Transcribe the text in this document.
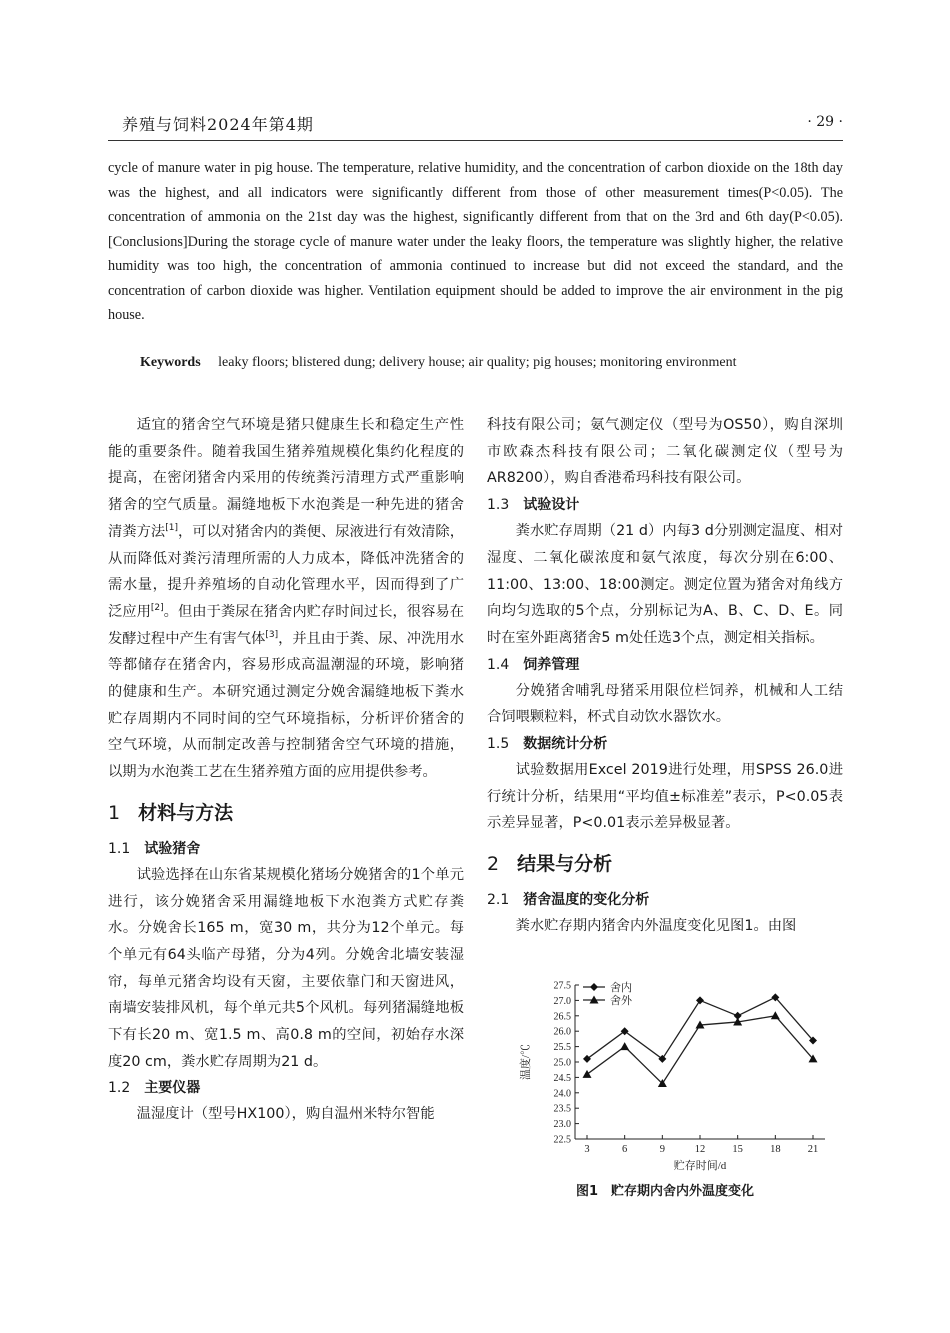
养殖与饲料2024年第4期	· 29 ·
cycle of manure water in pig house. The temperature, relative humidity, and the concentration of carbon dioxide on the 18th day was the highest, and all indicators were significantly different from those of other measurement times(P<0.05). The concentration of ammonia on the 21st day was the highest, significantly different from that on the 3rd and 6th day(P<0.05).[Conclusions]During the storage cycle of manure water under the leaky floors, the temperature was slightly higher, the relative humidity was too high, the concentration of ammonia continued to increase but did not exceed the standard, and the concentration of carbon dioxide was higher. Ventilation equipment should be added to improve the air environment in the pig house.
Keywords leaky floors; blistered dung; delivery house; air quality; pig houses; monitoring environment

适宜的猪舍空气环境是猪只健康生长和稳定生产性能的重要条件。随着我国生猪养殖规模化集约化程度的提高，在密闭猪舍内采用的传统粪污清理方式严重影响猪舍的空气质量。漏缝地板下水泡粪是一种先进的猪舍清粪方法[1]，可以对猪舍内的粪便、尿液进行有效清除，从而降低对粪污清理所需的人力成本，降低冲洗猪舍的需水量，提升养殖场的自动化管理水平，因而得到了广泛应用[2]。但由于粪尿在猪舍内贮存时间过长，很容易在发酵过程中产生有害气体[3]，并且由于粪、尿、冲洗用水等都储存在猪舍内，容易形成高温潮湿的环境，影响猪的健康和生产。本研究通过测定分娩舍漏缝地板下粪水贮存周期内不同时间的空气环境指标，分析评价猪舍的空气环境，从而制定改善与控制猪舍空气环境的措施，以期为水泡粪工艺在生猪养殖方面的应用提供参考。

1 材料与方法
1.1 试验猪舍

试验选择在山东省某规模化猪场分娩猪舍的1个单元进行，该分娩猪舍采用漏缝地板下水泡粪方式贮存粪水。分娩舍长165 m，宽30 m，共分为12个单元。每个单元有64头临产母猪，分为4列。分娩舍北墙安装湿帘，每单元猪舍均设有天窗，主要依靠门和天窗进风，南墙安装排风机，每个单元共5个风机。每列猪漏缝地板下有长20 m、宽1.5 m、高0.8 m的空间，初始存水深度20 cm，粪水贮存周期为21 d。

1.2 主要仪器

温湿度计（型号HX100），购自温州米特尔智能

科技有限公司；氨气测定仪（型号为OS50），购自深圳市欧森杰科技有限公司；二氧化碳测定仪（型号为AR8200），购自香港希玛科技有限公司。

1.3 试验设计

粪水贮存周期（21 d）内每3 d分别测定温度、相对湿度、二氧化碳浓度和氨气浓度，每次分别在6:00、11:00、13:00、18:00测定。测定位置为猪舍对角线方向均匀选取的5个点，分别标记为A、B、C、D、E。同时在室外距离猪舍5 m处任选3个点，测定相关指标。

1.4 饲养管理

分娩猪舍哺乳母猪采用限位栏饲养，机械和人工结合饲喂颗粒料，杯式自动饮水器饮水。

1.5 数据统计分析

试验数据用Excel 2019进行处理，用SPSS 26.0进行统计分析，结果用“平均值±标准差”表示，P<0.05表示差异显著，P<0.01表示差异极显著。

2 结果与分析
2.1 猪舍温度的变化分析

粪水贮存期内猪舍内外温度变化见图1。由图

22.5
23.0
23.5
24.0
24.5
25.0
25.5
26.0
26.5
27.0
27.5
3	6	9	12	15	18	21
贮存时间/d
温度/℃
舍内
舍外
图1　贮存期内舍内外温度变化
